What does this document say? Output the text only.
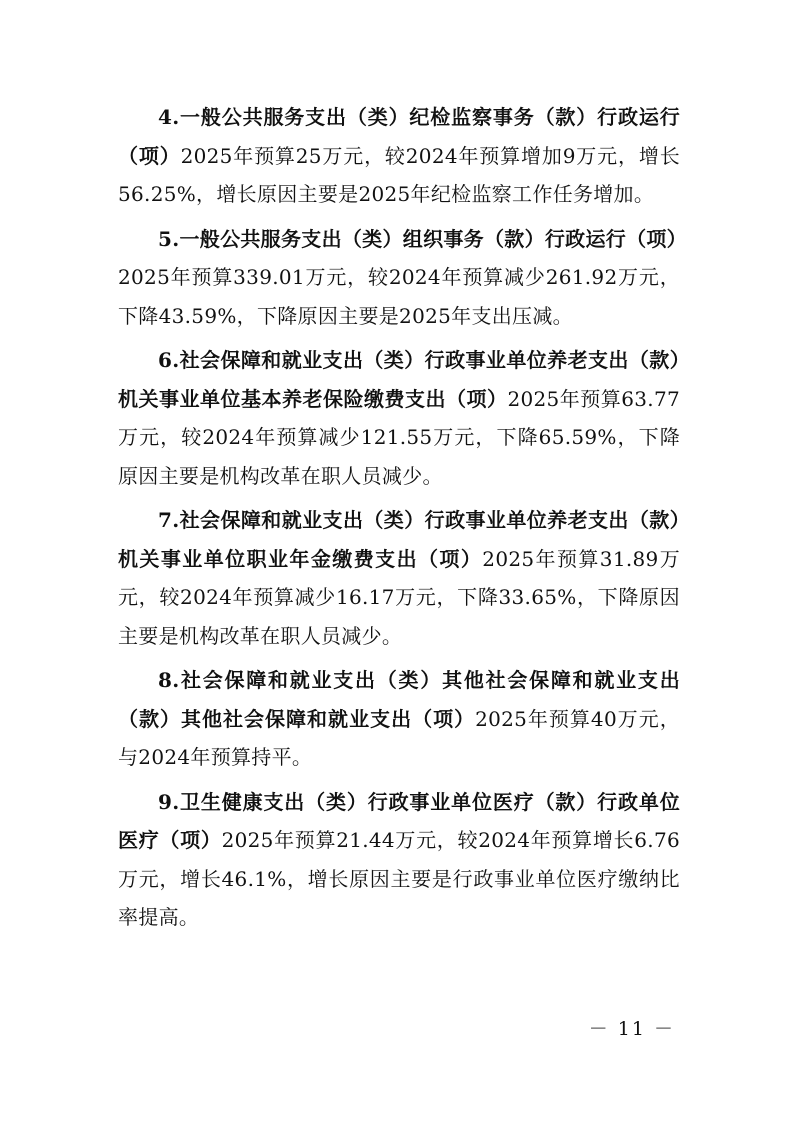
4.一般公共服务支出（类）纪检监察事务（款）行政运行（项）2025年预算25万元，较2024年预算增加9万元，增长56.25%，增长原因主要是2025年纪检监察工作任务增加。

5.一般公共服务支出（类）组织事务（款）行政运行（项）2025年预算339.01万元，较2024年预算减少261.92万元，下降43.59%，下降原因主要是2025年支出压减。

6.社会保障和就业支出（类）行政事业单位养老支出（款）机关事业单位基本养老保险缴费支出（项）2025年预算63.77万元，较2024年预算减少121.55万元，下降65.59%，下降原因主要是机构改革在职人员减少。

7.社会保障和就业支出（类）行政事业单位养老支出（款）机关事业单位职业年金缴费支出（项）2025年预算31.89万元，较2024年预算减少16.17万元，下降33.65%，下降原因主要是机构改革在职人员减少。

8.社会保障和就业支出（类）其他社会保障和就业支出（款）其他社会保障和就业支出（项）2025年预算40万元，与2024年预算持平。

9.卫生健康支出（类）行政事业单位医疗（款）行政单位医疗（项）2025年预算21.44万元，较2024年预算增长6.76万元，增长46.1%，增长原因主要是行政事业单位医疗缴纳比率提高。

－ 11 －
